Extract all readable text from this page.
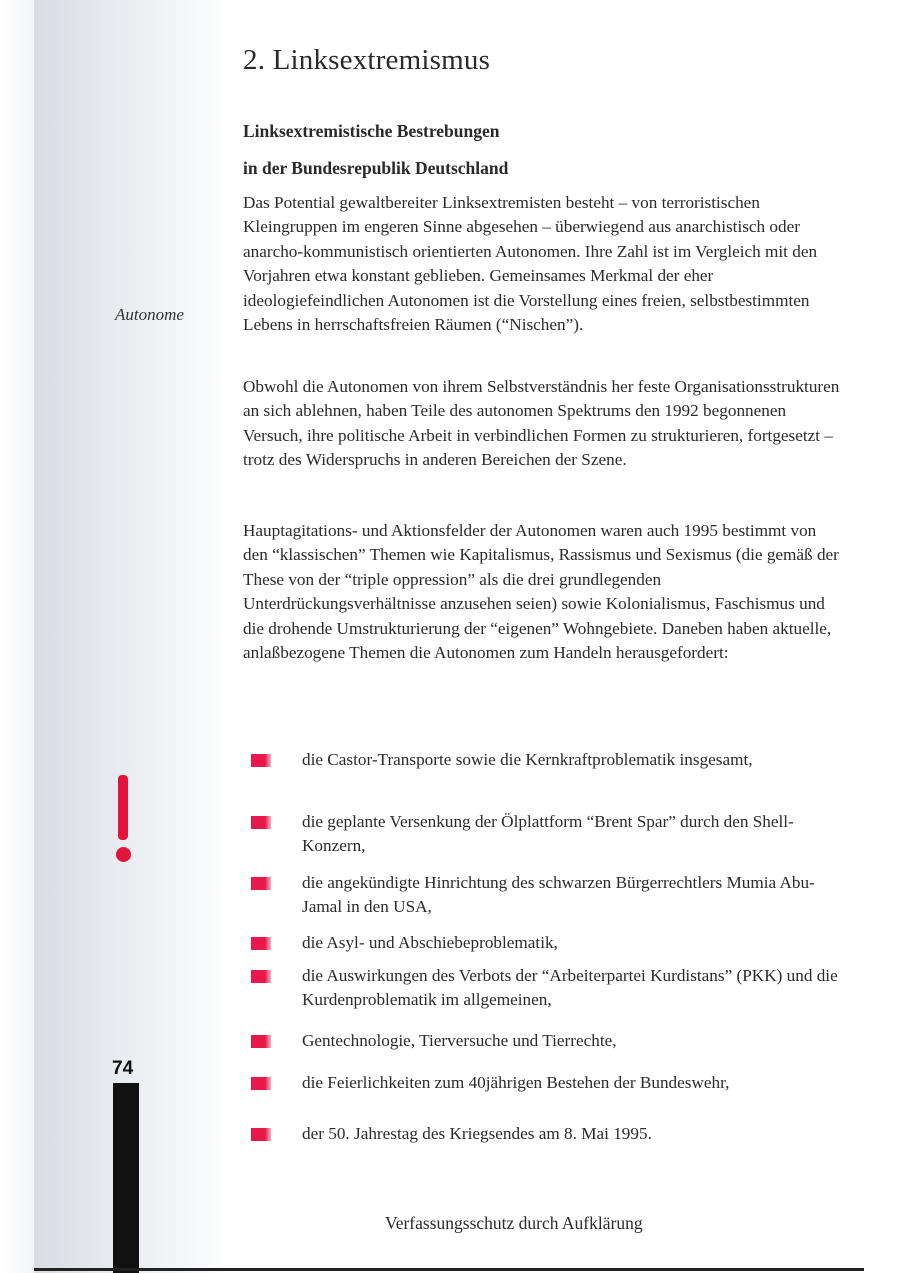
2. Linksextremismus
Linksextremistische Bestrebungen
in der Bundesrepublik Deutschland
Das Potential gewaltbereiter Linksextremisten besteht – von terroristischen Kleingruppen im engeren Sinne abgesehen – überwiegend aus anarchistisch oder anarcho-kommunistisch orientierten Autonomen. Ihre Zahl ist im Vergleich mit den Vorjahren etwa konstant geblieben. Gemeinsames Merkmal der eher ideologiefeindlichen Autonomen ist die Vorstellung eines freien, selbstbestimmten Lebens in herrschaftsfreien Räumen (“Nischen”).
Obwohl die Autonomen von ihrem Selbstverständnis her feste Organisationsstrukturen an sich ablehnen, haben Teile des autonomen Spektrums den 1992 begonnenen Versuch, ihre politische Arbeit in verbindlichen Formen zu strukturieren, fortgesetzt – trotz des Widerspruchs in anderen Bereichen der Szene.
Hauptagitations- und Aktionsfelder der Autonomen waren auch 1995 bestimmt von den “klassischen” Themen wie Kapitalismus, Rassismus und Sexismus (die gemäß der These von der “triple oppression” als die drei grundlegenden Unterdrückungsverhältnisse anzusehen seien) sowie Kolonialismus, Faschismus und die drohende Umstrukturierung der “eigenen” Wohngebiete. Daneben haben aktuelle, anlaßbezogene Themen die Autonomen zum Handeln herausgefordert:
Autonome
die Castor-Transporte sowie die Kernkraftproblematik insgesamt,
die geplante Versenkung der Ölplattform “Brent Spar” durch den Shell-Konzern,
die angekündigte Hinrichtung des schwarzen Bürgerrechtlers Mumia Abu-Jamal in den USA,
die Asyl- und Abschiebeproblematik,
die Auswirkungen des Verbots der “Arbeiterpartei Kurdistans” (PKK) und die Kurdenproblematik im allgemeinen,
Gentechnologie, Tierversuche und Tierrechte,
die Feierlichkeiten zum 40jährigen Bestehen der Bundeswehr,
der 50. Jahrestag des Kriegsendes am 8. Mai 1995.
74
Verfassungsschutz durch Aufklärung
